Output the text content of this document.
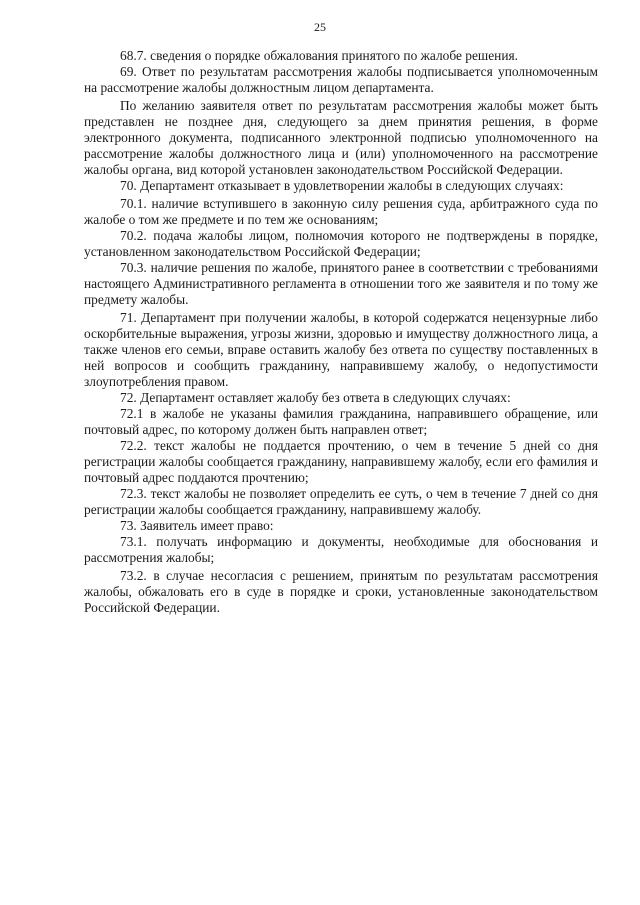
25

68.7. сведения о порядке обжалования принятого по жалобе решения.

69. Ответ по результатам рассмотрения жалобы подписывается уполномоченным на рассмотрение жалобы должностным лицом департамента.

По желанию заявителя ответ по результатам рассмотрения жалобы может быть представлен не позднее дня, следующего за днем принятия решения, в форме электронного документа, подписанного электронной подписью уполномоченного на рассмотрение жалобы должностного лица и (или) уполномоченного на рассмотрение жалобы органа, вид которой установлен законодательством Российской Федерации.

70. Департамент отказывает в удовлетворении жалобы в следующих случаях:

70.1. наличие вступившего в законную силу решения суда, арбитражного суда по жалобе о том же предмете и по тем же основаниям;

70.2. подача жалобы лицом, полномочия которого не подтверждены в порядке, установленном законодательством Российской Федерации;

70.3. наличие решения по жалобе, принятого ранее в соответствии с требованиями настоящего Административного регламента в отношении того же заявителя и по тому же предмету жалобы.

71. Департамент при получении жалобы, в которой содержатся нецензурные либо оскорбительные выражения, угрозы жизни, здоровью и имуществу должностного лица, а также членов его семьи, вправе оставить жалобу без ответа по существу поставленных в ней вопросов и сообщить гражданину, направившему жалобу, о недопустимости злоупотребления правом.

72. Департамент оставляет жалобу без ответа в следующих случаях:

72.1 в жалобе не указаны фамилия гражданина, направившего обращение, или почтовый адрес, по которому должен быть направлен ответ;

72.2. текст жалобы не поддается прочтению, о чем в течение 5 дней со дня регистрации жалобы сообщается гражданину, направившему жалобу, если его фамилия и почтовый адрес поддаются прочтению;

72.3. текст жалобы не позволяет определить ее суть, о чем в течение 7 дней со дня регистрации жалобы сообщается гражданину, направившему жалобу.

73. Заявитель имеет право:

73.1. получать информацию и документы, необходимые для обоснования и рассмотрения жалобы;

73.2. в случае несогласия с решением, принятым по результатам рассмотрения жалобы, обжаловать его в суде в порядке и сроки, установленные законодательством Российской Федерации.
